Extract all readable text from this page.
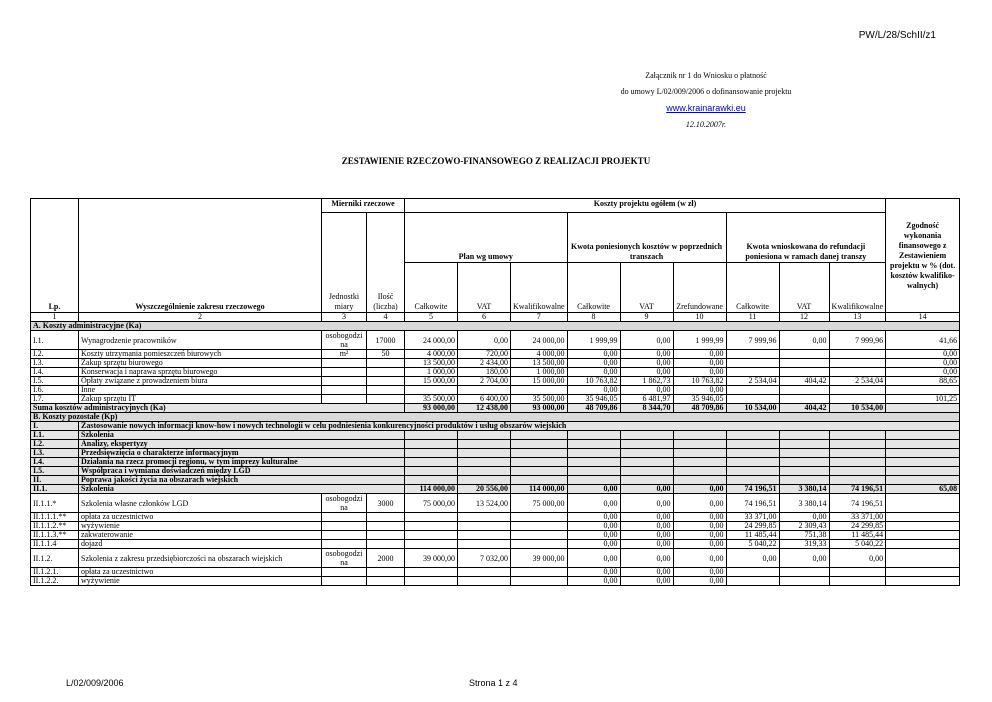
PW/L/28/SchII/z1
Załącznik nr 1 do Wniosku o płatność
do umowy L/02/009/2006 o dofinansowanie projektu
www.krainarawki.eu
12.10.2007r.
ZESTAWIENIE RZECZOWO-FINANSOWEGO Z REALIZACJI PROJEKTU
Lp.	Wyszczególnienie zakresu rzeczowego	Mierniki rzeczowe		Koszty projektu ogółem (w zł)									Zgodność wykonania finansowego z Zestawieniem projektu w % (dot. kosztów kwalifiko-walnych)
		Jednostki miary	Ilość (liczba)	Plan wg umowy			Kwota poniesionych kosztów w poprzednich transzach			Kwota wnioskowana do refundacji poniesiona w ramach danej transzy			
				Całkowite	VAT	Kwalifikowalne	Całkowite	VAT	Zrefundowane	Całkowite	VAT	Kwalifikowalne	
1	2	3	4	5	6	7	8	9	10	11	12	13	14
A. Koszty administracyjne (Ka)													
I.1.	Wynagrodzenie pracowników	osobogodzina	17000	24 000,00	0,00	24 000,00	1 999,99	0,00	1 999,99	7 999,96	0,00	7 999,96	41,66
I.2.	Koszty utrzymania pomieszczeń biurowych	m²	50	4 000,00	720,00	4 000,00	0,00	0,00	0,00				0,00
I.3.	Zakup sprzętu biurowego			13 500,00	2 434,00	13 500,00	0,00	0,00	0,00				0,00
I.4.	Konserwacja i naprawa sprzętu biurowego			1 000,00	180,00	1 000,00	0,00	0,00	0,00				0,00
I.5.	Opłaty związane z prowadzeniem biura			15 000,00	2 704,00	15 000,00	10 763,82	1 862,73	10 763,82	2 534,04	404,42	2 534,04	88,65
I.6.	Inne						0,00	0,00	0,00				
I.7.	Zakup sprzętu IT			35 500,00	6 400,00	35 500,00	35 946,05	6 481,97	35 946,05				101,25
Suma kosztów administracyjnych (Ka)				93 000,00	12 438,00	93 000,00	48 709,86	8 344,70	48 709,86	10 534,00	404,42	10 534,00	
B. Koszty pozostałe (Kp)													
I.	Zastosowanie nowych informacji know-how i nowych technologii w celu podniesienia konkurencyjności produktów i usług obszarów wiejskich												
I.1.	Szkolenia												
I.2.	Analizy, ekspertyzy												
I.3.	Przedsięwzięcia o charakterze informacyjnym												
I.4.	Działania na rzecz promocji regionu, w tym imprezy kulturalne												
I.5.	Współpraca i wymiana doświadczeń między LGD												
II.	Poprawa jakości życia na obszarach wiejskich												
II.1.	Szkolenia			114 000,00	20 556,00	114 000,00	0,00	0,00	0,00	74 196,51	3 380,14	74 196,51	65,08
II.1.1.*	Szkolenia własne członków LGD	osobogodzina	3000	75 000,00	13 524,00	75 000,00	0,00	0,00	0,00	74 196,51	3 380,14	74 196,51	
II.1.1.1.**	opłata za uczestnictwo						0,00	0,00	0,00	33 371,00	0,00	33 371,00	
II.1.1.2.**	wyżywienie						0,00	0,00	0,00	24 299,85	2 309,43	24 299,85	
II.1.1.3.**	zakwaterowanie						0,00	0,00	0,00	11 485,44	751,38	11 485,44	
II.1.1.4	dojazd						0,00	0,00	0,00	5 040,22	319,33	5 040,22	
II.1.2.	Szkolenia z zakresu przedsiębiorczości na obszarach wiejskich	osobogodzina	2000	39 000,00	7 032,00	39 000,00	0,00	0,00	0,00	0,00	0,00	0,00	
II.1.2.1.	opłata za uczestnictwo						0,00	0,00	0,00				
II.1.2.2.	wyżywienie						0,00	0,00	0,00				
L/02/009/2006	Strona 1 z 4
